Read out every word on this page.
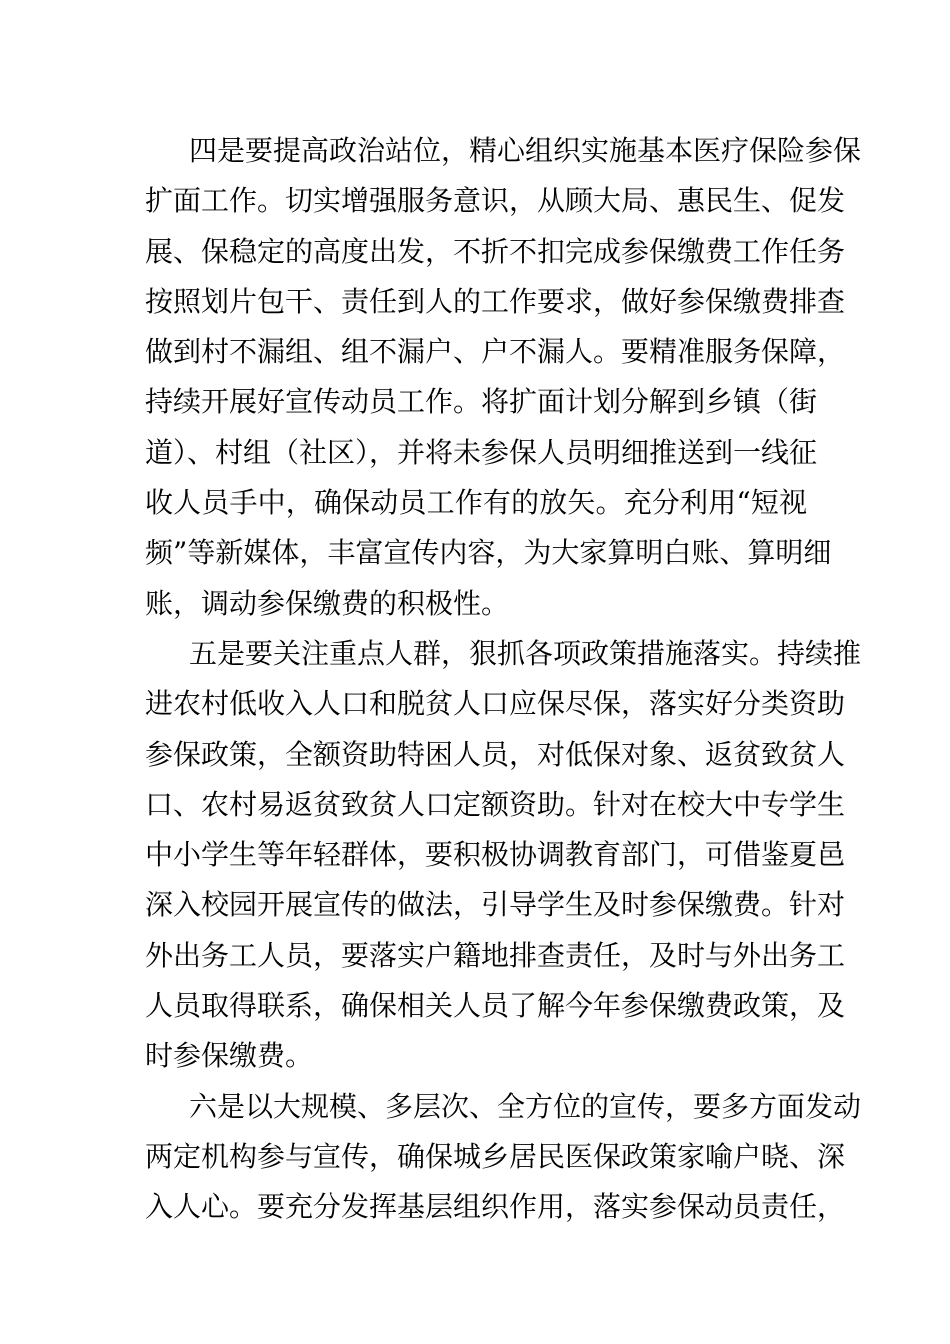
四是要提高政治站位，精心组织实施基本医疗保险参保
扩面工作。切实增强服务意识，从顾大局、惠民生、促发
展、保稳定的高度出发，不折不扣完成参保缴费工作任务
按照划片包干、责任到人的工作要求，做好参保缴费排查
做到村不漏组、组不漏户、户不漏人。要精准服务保障，
持续开展好宣传动员工作。将扩面计划分解到乡镇（街
道）、村组（社区），并将未参保人员明细推送到一线征
收人员手中，确保动员工作有的放矢。充分利用“短视
频”等新媒体，丰富宣传内容，为大家算明白账、算明细
账，调动参保缴费的积极性。
五是要关注重点人群，狠抓各项政策措施落实。持续推
进农村低收入人口和脱贫人口应保尽保，落实好分类资助
参保政策，全额资助特困人员，对低保对象、返贫致贫人
口、农村易返贫致贫人口定额资助。针对在校大中专学生
中小学生等年轻群体，要积极协调教育部门，可借鉴夏邑
深入校园开展宣传的做法，引导学生及时参保缴费。针对
外出务工人员，要落实户籍地排查责任，及时与外出务工
人员取得联系，确保相关人员了解今年参保缴费政策，及
时参保缴费。
六是以大规模、多层次、全方位的宣传，要多方面发动
两定机构参与宣传，确保城乡居民医保政策家喻户晓、深
入人心。要充分发挥基层组织作用，落实参保动员责任，
